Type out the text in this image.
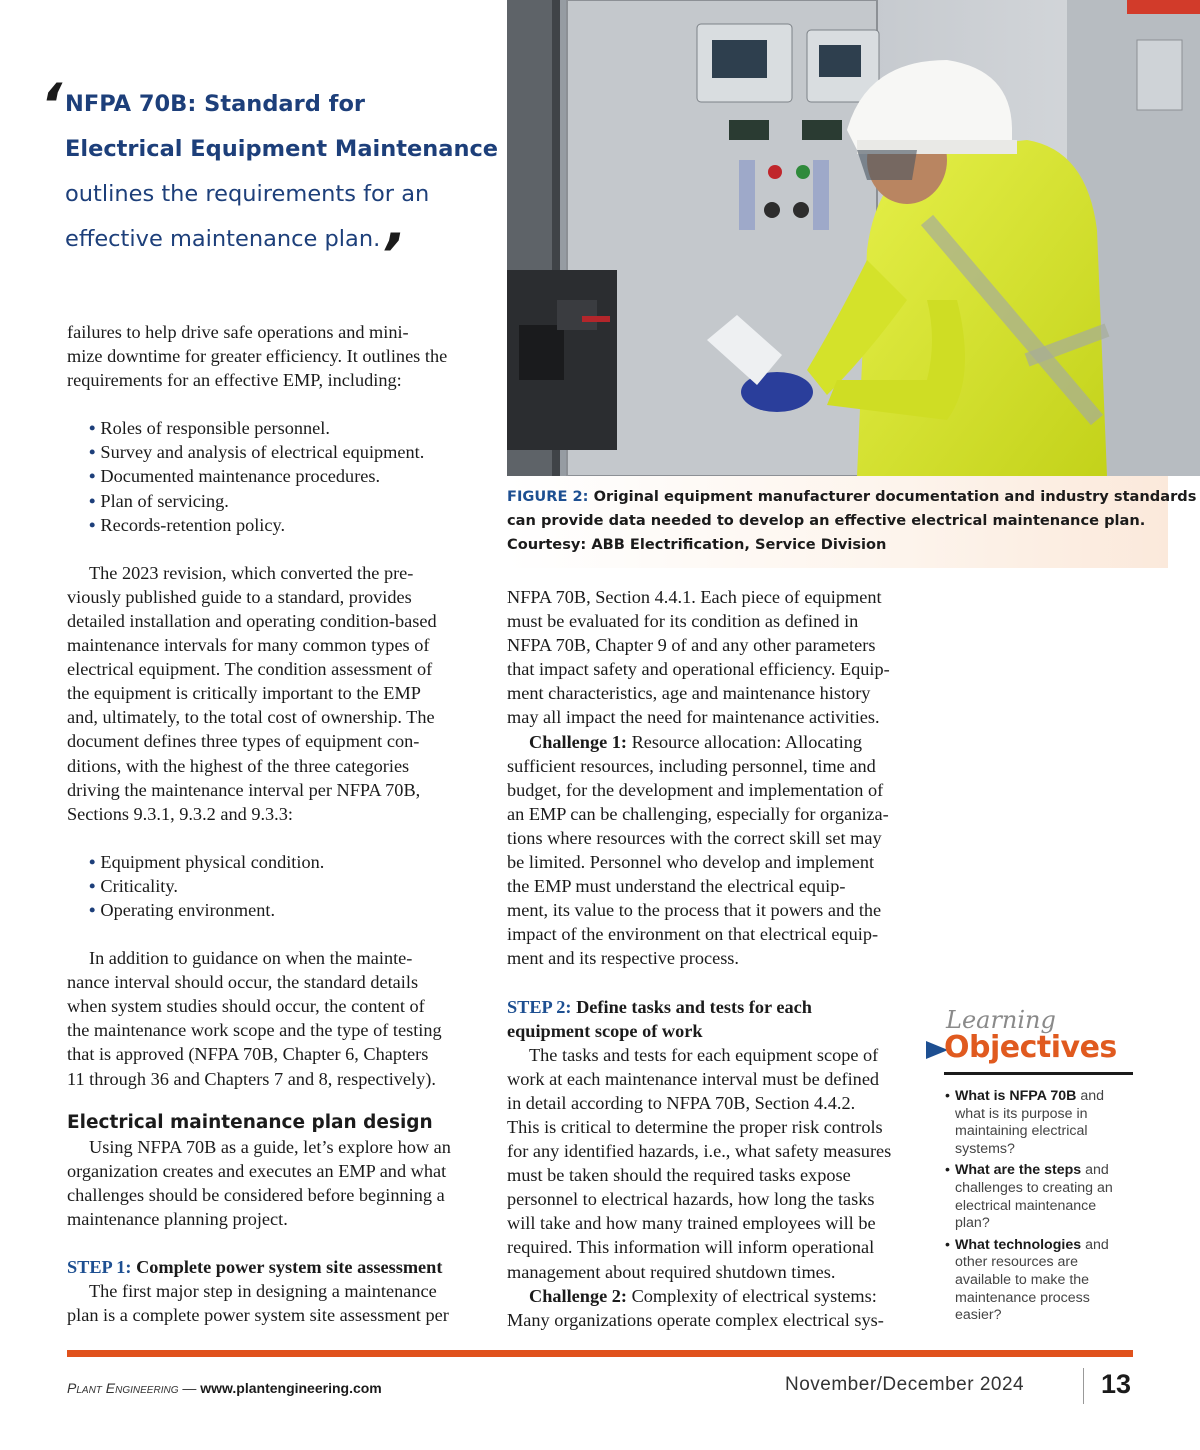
‘ NFPA 70B: Standard for
Electrical Equipment Maintenance
outlines the requirements for an
effective maintenance plan. ’

failures to help drive safe operations and mini-

mize downtime for greater efficiency. It outlines the

requirements for an effective EMP, including:

• Roles of responsible personnel.
• Survey and analysis of electrical equipment.
• Documented maintenance procedures.
• Plan of servicing.
• Records-retention policy.

The 2023 revision, which converted the pre-

viously published guide to a standard, provides

detailed installation and operating condition-based

maintenance intervals for many common types of

electrical equipment. The condition assessment of

the equipment is critically important to the EMP

and, ultimately, to the total cost of ownership. The

document defines three types of equipment con-

ditions, with the highest of the three categories

driving the maintenance interval per NFPA 70B,

Sections 9.3.1, 9.3.2 and 9.3.3:

• Equipment physical condition.
• Criticality.
• Operating environment.

In addition to guidance on when the mainte-

nance interval should occur, the standard details

when system studies should occur, the content of

the maintenance work scope and the type of testing

that is approved (NFPA 70B, Chapter 6, Chapters

11 through 36 and Chapters 7 and 8, respectively).

Electrical maintenance plan design

Using NFPA 70B as a guide, let’s explore how an

organization creates and executes an EMP and what

challenges should be considered before beginning a

maintenance planning project.

STEP 1: Complete power system site assessment

The first major step in designing a maintenance

plan is a complete power system site assessment per

FIGURE 2: Original equipment manufacturer documentation and industry standards
can provide data needed to develop an effective electrical maintenance plan.
Courtesy: ABB Electrification, Service Division

NFPA 70B, Section 4.4.1. Each piece of equipment

must be evaluated for its condition as defined in

NFPA 70B, Chapter 9 of and any other parameters

that impact safety and operational efficiency. Equip-

ment characteristics, age and maintenance history

may all impact the need for maintenance activities.

Challenge 1: Resource allocation: Allocating

sufficient resources, including personnel, time and

budget, for the development and implementation of

an EMP can be challenging, especially for organiza-

tions where resources with the correct skill set may

be limited. Personnel who develop and implement

the EMP must understand the electrical equip-

ment, its value to the process that it powers and the

impact of the environment on that electrical equip-

ment and its respective process.

STEP 2: Define tasks and tests for each

equipment scope of work

The tasks and tests for each equipment scope of

work at each maintenance interval must be defined

in detail according to NFPA 70B, Section 4.4.2.

This is critical to determine the proper risk controls

for any identified hazards, i.e., what safety measures

must be taken should the required tasks expose

personnel to electrical hazards, how long the tasks

will take and how many trained employees will be

required. This information will inform operational

management about required shutdown times.

Challenge 2: Complexity of electrical systems:

Many organizations operate complex electrical sys-

Learning
Objectives
• What is NFPA 70B and what is its purpose in maintaining electrical systems?
• What are the steps and challenges to creating an electrical maintenance plan?
• What technologies and other resources are available to make the maintenance process easier?
Plant Engineering — www.plantengineering.com	November/December 2024	13
